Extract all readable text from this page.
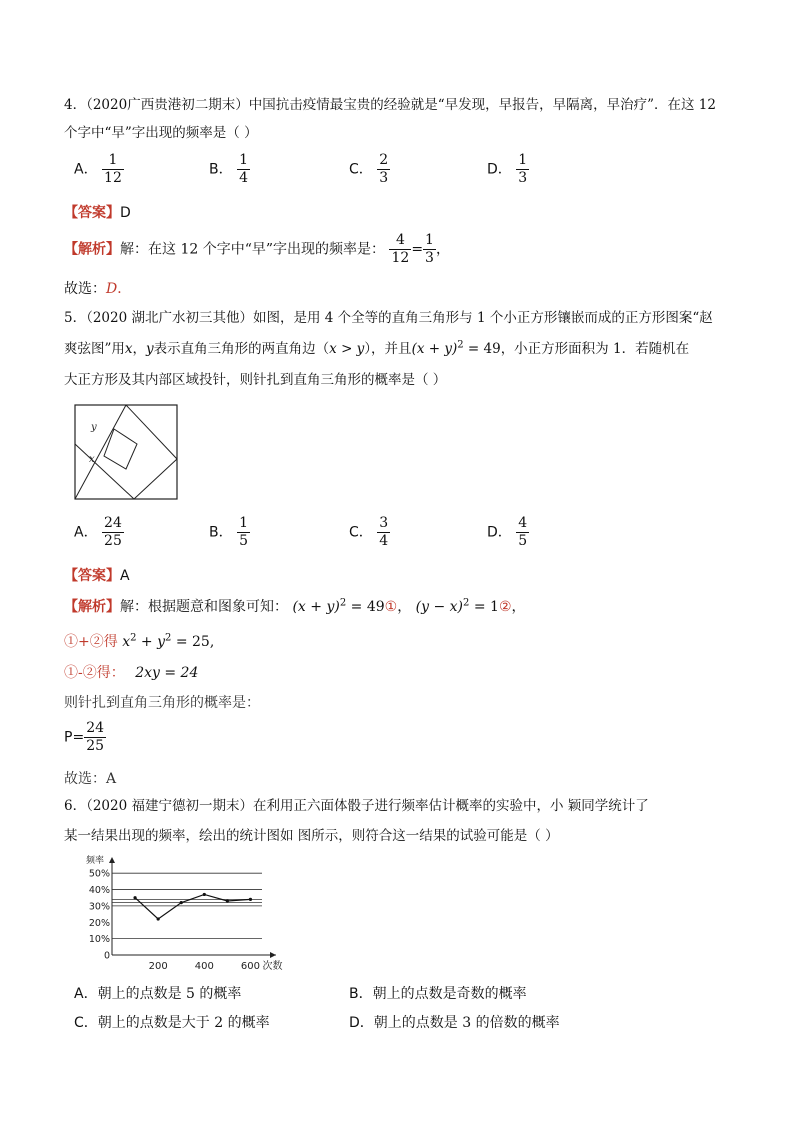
4．（2020广西贵港初二期末）中国抗击疫情最宝贵的经验就是“早发现，早报告，早隔离，早治疗”．在这 12
个字中“早”字出现的频率是（ ）
A． $\frac{1}{12}$	B． $\frac{1}{4}$	C． $\frac{2}{3}$	D． $\frac{1}{3}$
【答案】D
【解析】解：在这 12 个字中“早”字出现的频率是： $\frac{4}{12} = \frac{1}{3}$ ，
故选：D．
5．（2020 湖北广水初三其他）如图，是用 4 个全等的直角三角形与 1 个小正方形镶嵌而成的正方形图案“赵
爽弦图”用x，y表示直角三角形的两直角边（x > y），并且$(x + y)^2 = 49$，小正方形面积为 1．若随机在
大正方形及其内部区域投针，则针扎到直角三角形的概率是（ ）
y
x
A． $\frac{24}{25}$	B． $\frac{1}{5}$	C． $\frac{3}{4}$	D． $\frac{4}{5}$
【答案】A
【解析】解：根据题意和图象可知： $(x + y)^2$ = 49①， $(y - x)^2$ = 1②，
①+②得 $x^2 + y^2 = 25$,
①-②得： 2xy = 24
则针扎到直角三角形的概率是：
$P= \frac{24}{25}$
故选：A
6．（2020 福建宁德初一期末）在利用正六面体骰子进行频率估计概率的实验中，小 颖同学统计了
某一结果出现的频率，绘出的统计图如 图所示，则符合这一结果的试验可能是（ ）
0
10%
20%
30%
40%
50%
频率
200	400	600 次数
A．朝上的点数是 5 的概率	B．朝上的点数是奇数的概率
C．朝上的点数是大于 2 的概率	D．朝上的点数是 3 的倍数的概率
